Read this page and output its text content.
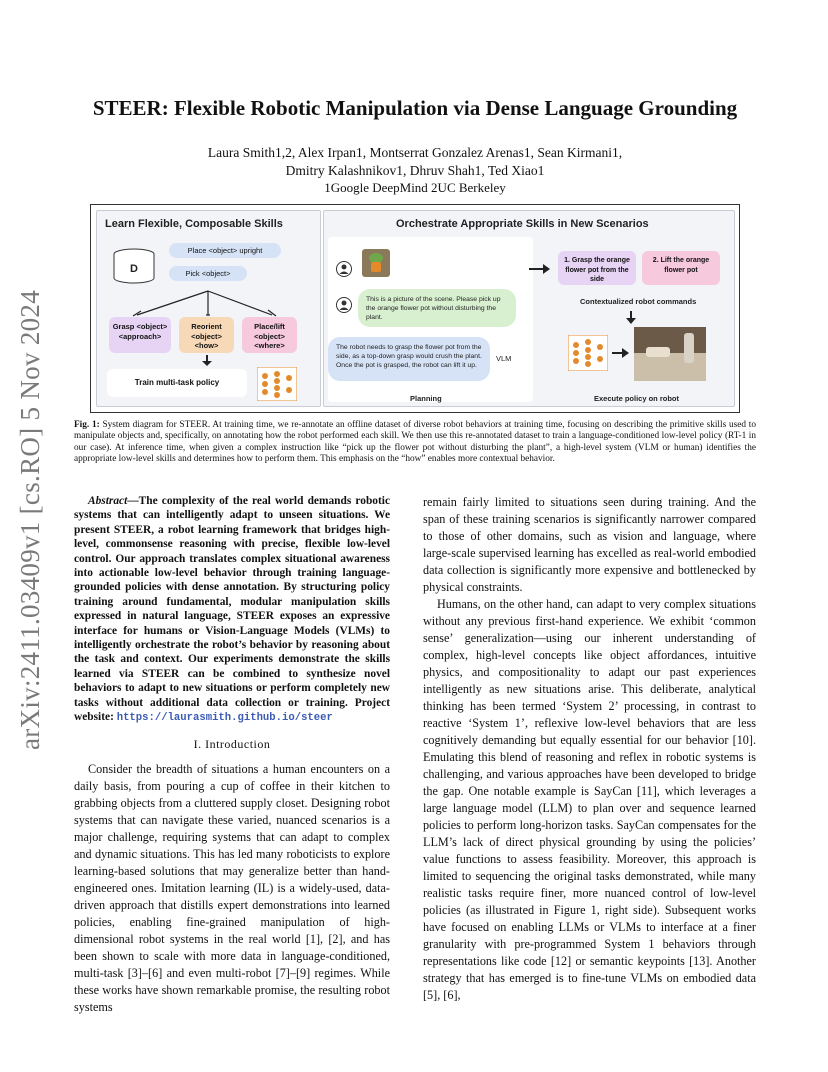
arXiv:2411.03409v1 [cs.RO] 5 Nov 2024
STEER: Flexible Robotic Manipulation via Dense Language Grounding
Laura Smith1,2, Alex Irpan1, Montserrat Gonzalez Arenas1, Sean Kirmani1,
Dmitry Kalashnikov1, Dhruv Shah1, Ted Xiao1
1Google DeepMind 2UC Berkeley
Learn Flexible, Composable Skills
D
Place <object> upright
Pick <object>
Grasp <object> <approach>
Reorient <object> <how>
Place/lift <object> <where>
Train multi-task policy
Orchestrate Appropriate Skills in New Scenarios
This is a picture of the scene. Please pick up the orange flower pot without disturbing the plant.
The robot needs to grasp the flower pot from the side, as a top-down grasp would crush the plant. Once the pot is grasped, the robot can lift it up.
VLM
Planning
1. Grasp the orange flower pot from the side
2. Lift the orange flower pot
Contextualized robot commands
Execute policy on robot
Fig. 1: System diagram for STEER. At training time, we re-annotate an offline dataset of diverse robot behaviors at training time, focusing on describing the primitive skills used to manipulate objects and, specifically, on annotating how the robot performed each skill. We then use this re-annotated dataset to train a language-conditioned low-level policy (RT-1 in our case). At inference time, when given a complex instruction like “pick up the flower pot without disturbing the plant”, a high-level system (VLM or human) identifies the appropriate low-level skills and determines how to perform them. This emphasis on the “how” enables more contextual behavior.

Abstract—The complexity of the real world demands robotic systems that can intelligently adapt to unseen situations. We present STEER, a robot learning framework that bridges high-level, commonsense reasoning with precise, flexible low-level control. Our approach translates complex situational awareness into actionable low-level behavior through training language-grounded policies with dense annotation. By structuring policy training around fundamental, modular manipulation skills expressed in natural language, STEER exposes an expressive interface for humans or Vision-Language Models (VLMs) to intelligently orchestrate the robot’s behavior by reasoning about the task and context. Our experiments demonstrate the skills learned via STEER can be combined to synthesize novel behaviors to adapt to new situations or perform completely new tasks without additional data collection or training. Project website: https://laurasmith.github.io/steer

I. Introduction

Consider the breadth of situations a human encounters on a daily basis, from pouring a cup of coffee in their kitchen to grabbing objects from a cluttered supply closet. Designing robot systems that can navigate these varied, nuanced scenarios is a major challenge, requiring systems that can adapt to complex and dynamic situations. This has led many roboticists to explore learning-based solutions that may generalize better than hand-engineered ones. Imitation learning (IL) is a widely-used, data-driven approach that distills expert demonstrations into learned policies, enabling fine-grained manipulation of high-dimensional robot systems in the real world [1], [2], and has been shown to scale with more data in language-conditioned, multi-task [3]–[6] and even multi-robot [7]–[9] regimes. While these works have shown remarkable promise, the resulting robot systems

remain fairly limited to situations seen during training. And the span of these training scenarios is significantly narrower compared to those of other domains, such as vision and language, where large-scale supervised learning has excelled as real-world embodied data collection is significantly more expensive and bottlenecked by physical constraints.

Humans, on the other hand, can adapt to very complex situations without any previous first-hand experience. We exhibit ‘common sense’ generalization—using our inherent understanding of complex, high-level concepts like object affordances, intuitive physics, and compositionality to adapt our past experiences intelligently as new situations arise. This deliberate, analytical thinking has been termed ‘System 2’ processing, in contrast to reactive ‘System 1’, reflexive low-level behaviors that are less cognitively demanding but equally essential for our behavior [10]. Emulating this blend of reasoning and reflex in robotic systems is challenging, and various approaches have been developed to bridge the gap. One notable example is SayCan [11], which leverages a large language model (LLM) to plan over and sequence learned policies to perform long-horizon tasks. SayCan compensates for the LLM’s lack of direct physical grounding by using the policies’ value functions to assess feasibility. Moreover, this approach is limited to sequencing the original tasks demonstrated, while many realistic tasks require finer, more nuanced control of low-level policies (as illustrated in Figure 1, right side). Subsequent works have focused on enabling LLMs or VLMs to interface at a finer granularity with pre-programmed System 1 behaviors through representations like code [12] or semantic keypoints [13]. Another strategy that has emerged is to fine-tune VLMs on embodied data [5], [6],
